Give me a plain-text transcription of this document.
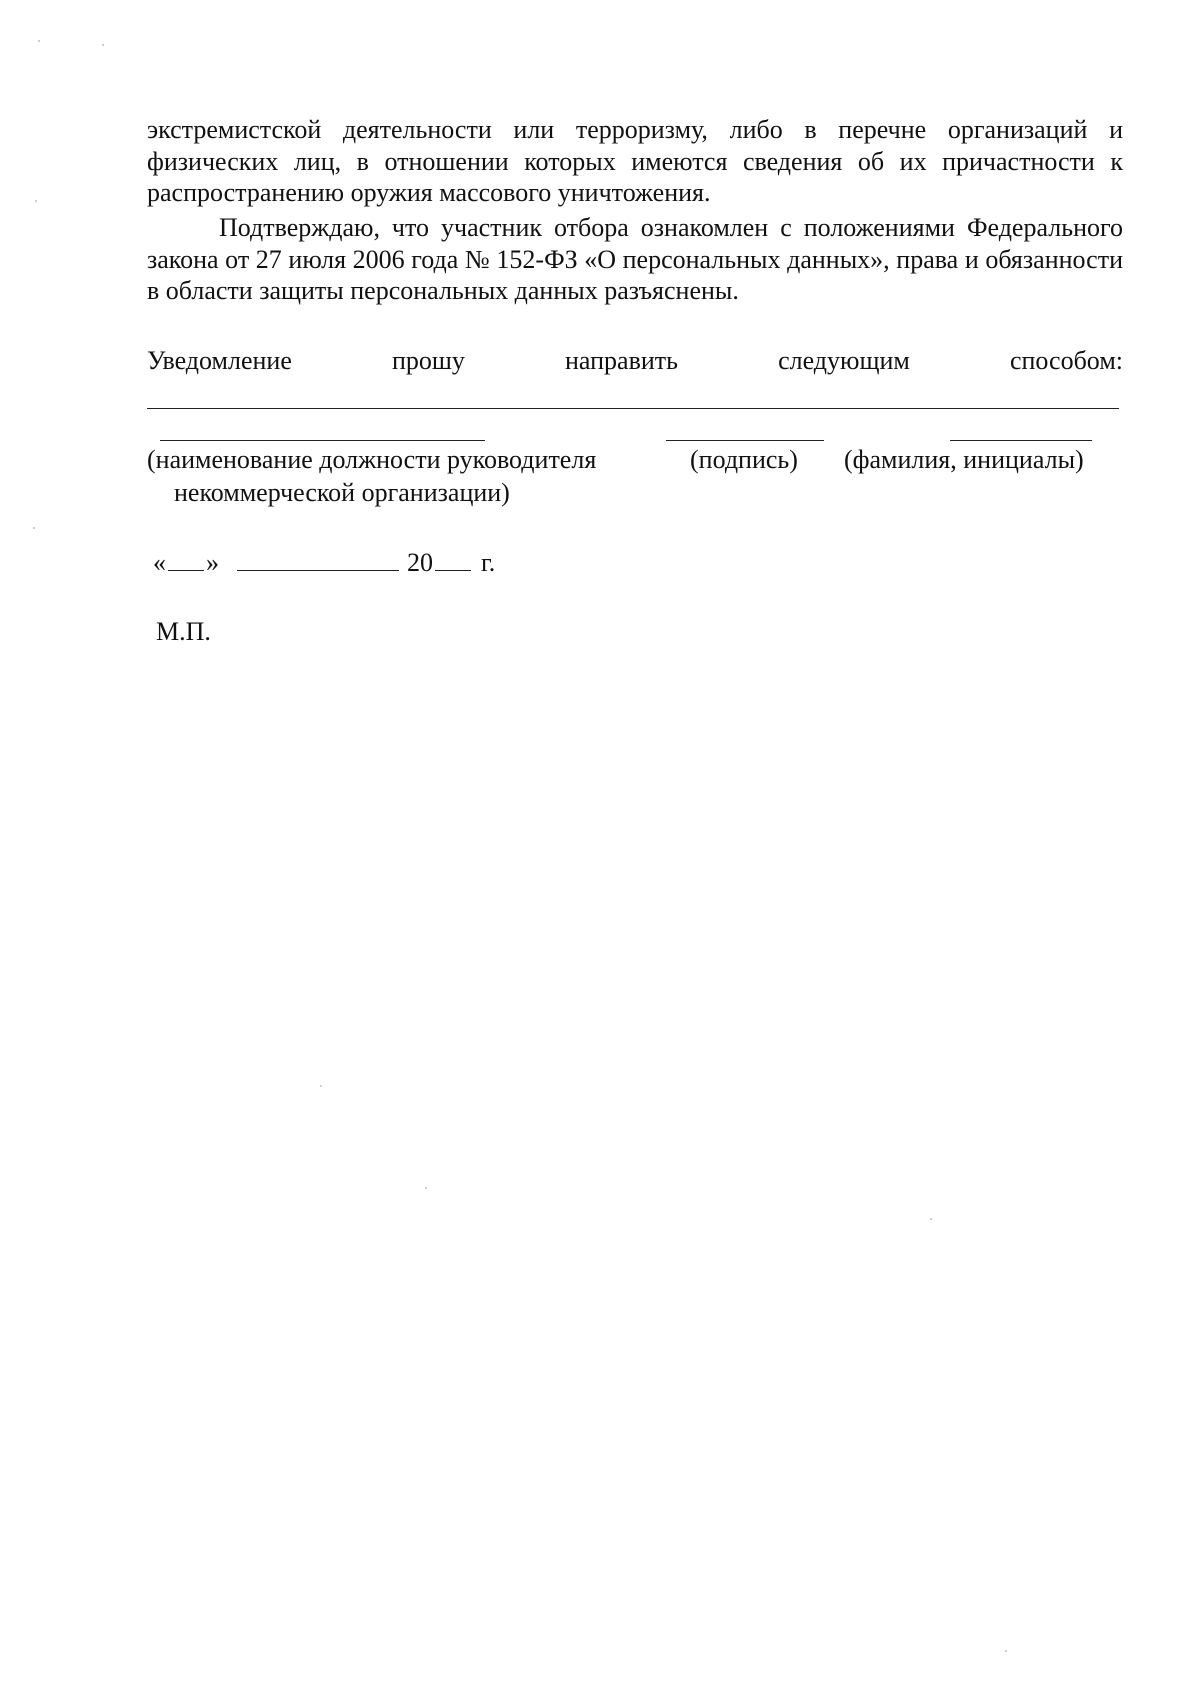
экстремистской деятельности или терроризму, либо в перечне организаций и физических лиц, в отношении которых имеются сведения об их причастности к распространению оружия массового уничтожения.

Подтверждаю, что участник отбора ознакомлен с положениями Федерального закона от 27 июля 2006 года № 152-ФЗ «О персональных данных», права и обязанности в области защиты персональных данных разъяснены.

Уведомление	прошу	направить	следующим	способом:
(наименование должности руководителя
некоммерческой организации)
(подпись) (фамилия, инициалы)
« »	20 г.
М.П.
